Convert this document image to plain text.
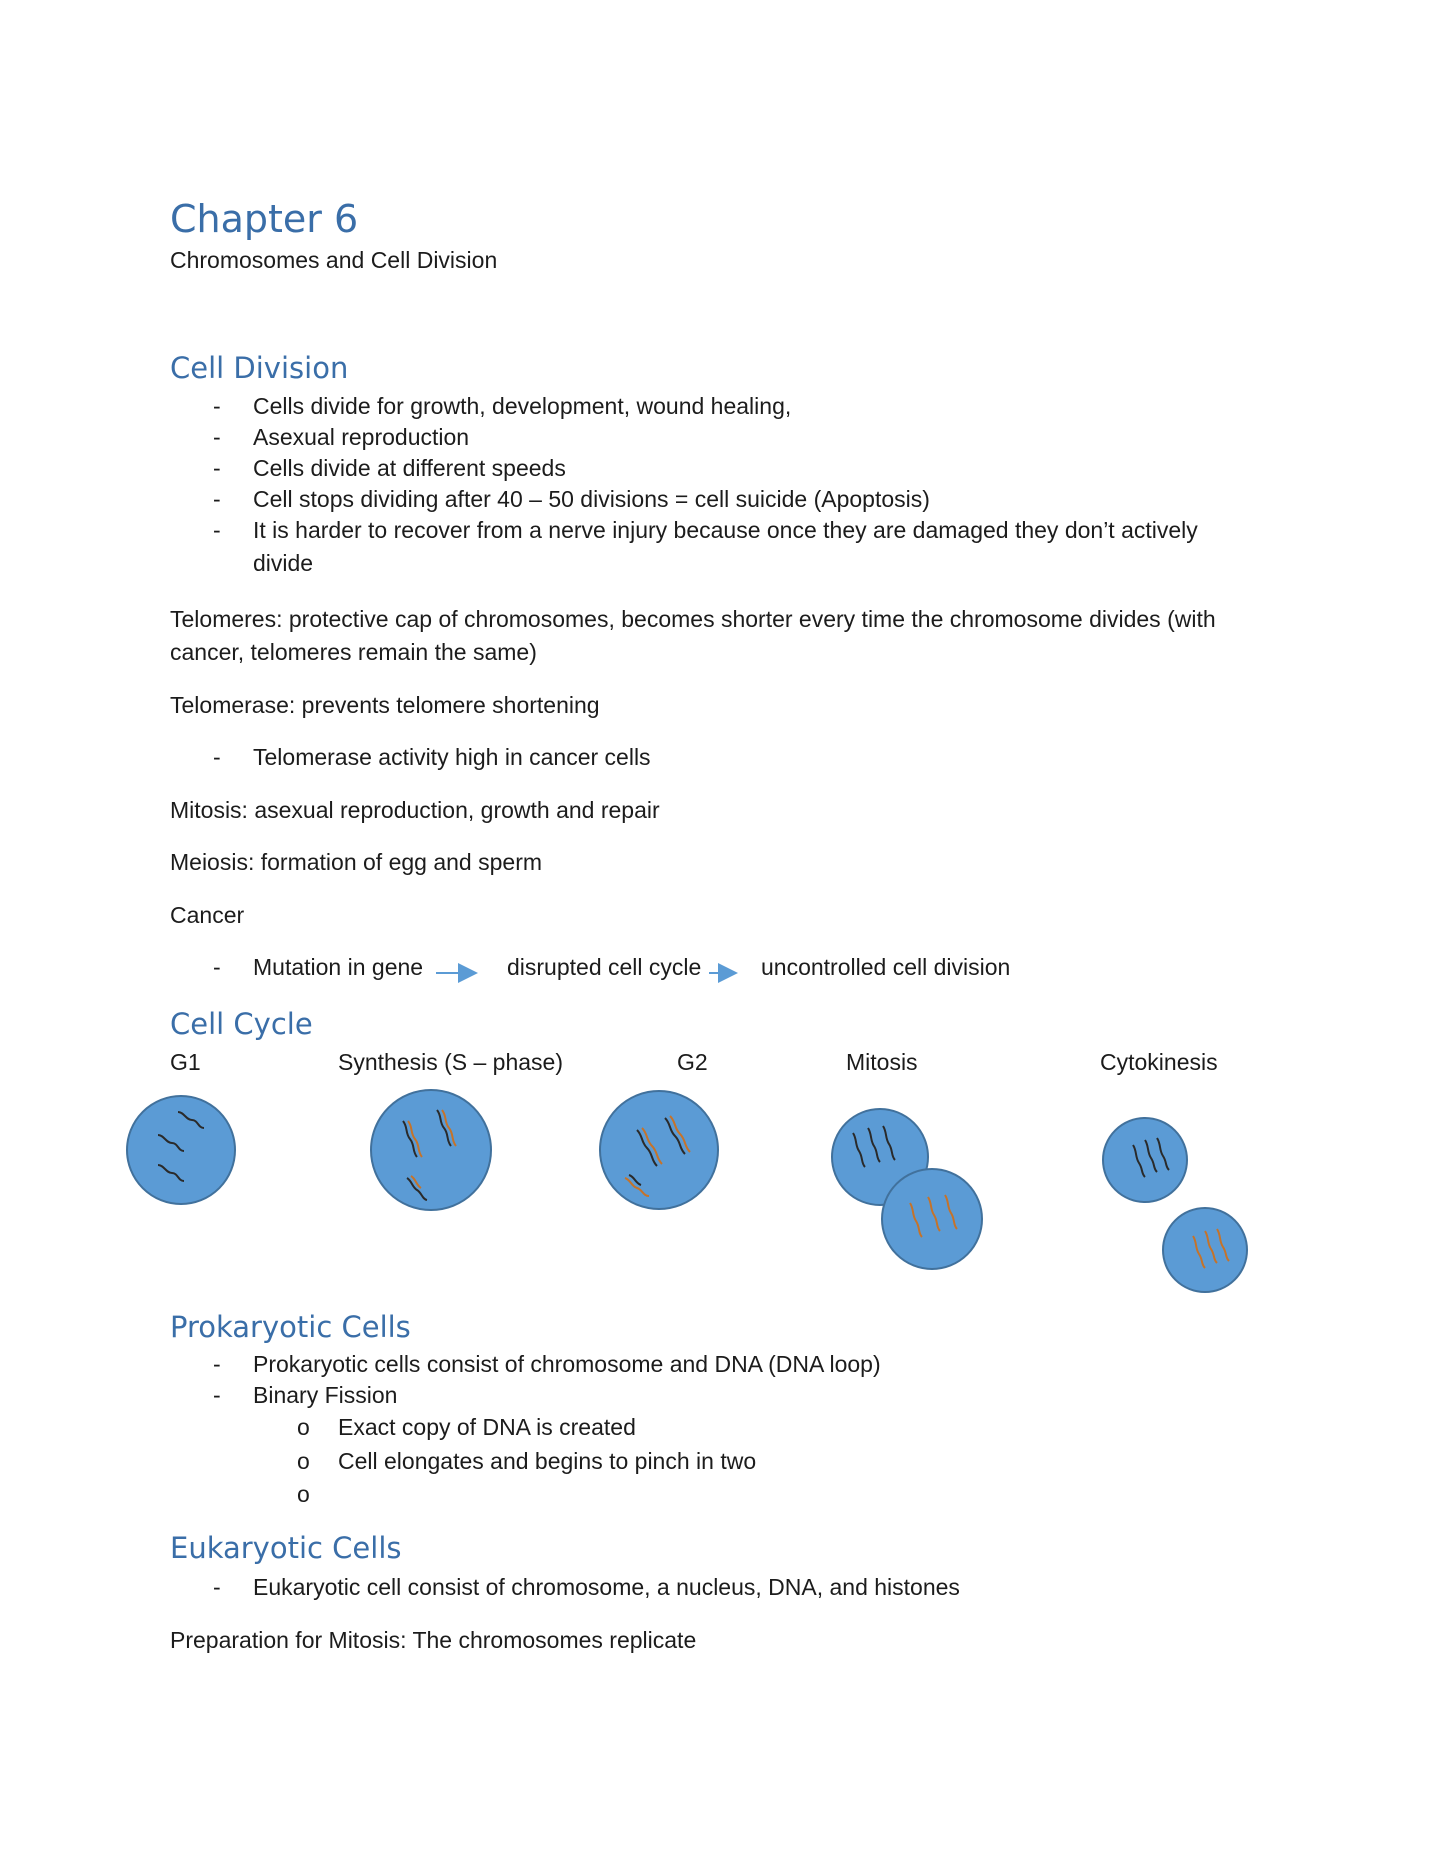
Chapter 6
Chromosomes and Cell Division
Cell Division
- Cells divide for growth, development, wound healing,
- Asexual reproduction
- Cells divide at different speeds
- Cell stops dividing after 40 – 50 divisions = cell suicide (Apoptosis)
- It is harder to recover from a nerve injury because once they are damaged they don’t actively
divide
Telomeres: protective cap of chromosomes, becomes shorter every time the chromosome divides (with
cancer, telomeres remain the same)
Telomerase: prevents telomere shortening
- Telomerase activity high in cancer cells
Mitosis: asexual reproduction, growth and repair
Meiosis: formation of egg and sperm
Cancer
- Mutation in gene	disrupted cell cycle	uncontrolled cell division
Cell Cycle
G1	Synthesis (S – phase)	G2	Mitosis	Cytokinesis
Prokaryotic Cells
- Prokaryotic cells consist of chromosome and DNA (DNA loop)
- Binary Fission
o Exact copy of DNA is created
o Cell elongates and begins to pinch in two
o
Eukaryotic Cells
- Eukaryotic cell consist of chromosome, a nucleus, DNA, and histones
Preparation for Mitosis: The chromosomes replicate
